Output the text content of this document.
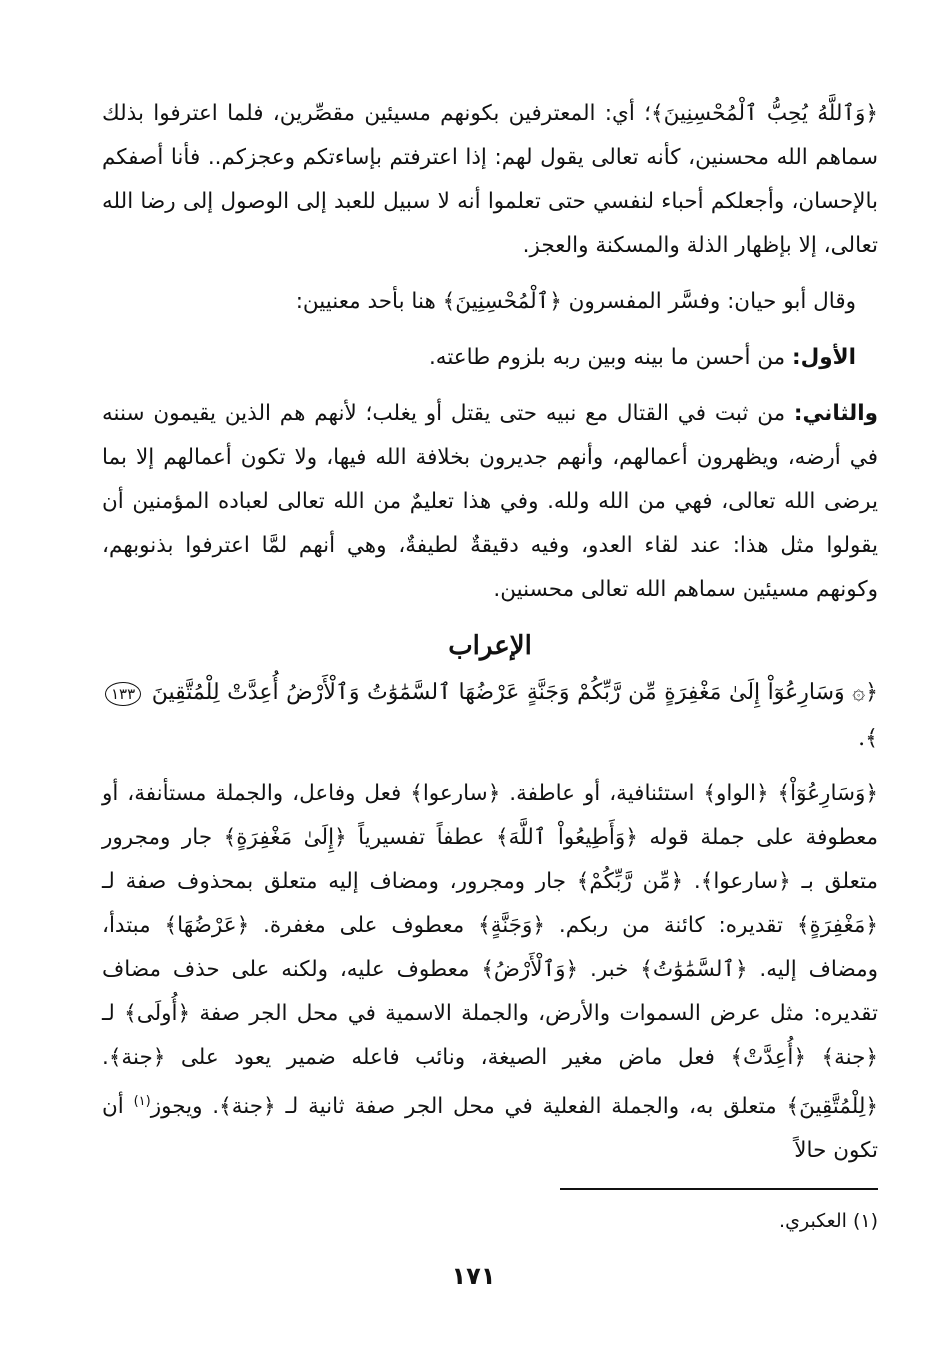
﴿وَٱللَّهُ يُحِبُّ ٱلْمُحْسِنِينَ﴾؛ أي: المعترفين بكونهم مسيئين مقصِّرين، فلما اعترفوا بذلك سماهم الله محسنين، كأنه تعالى يقول لهم: إذا اعترفتم بإساءتكم وعجزكم.. فأنا أصفكم بالإحسان، وأجعلكم أحباء لنفسي حتى تعلموا أنه لا سبيل للعبد إلى الوصول إلى رضا الله تعالى، إلا بإظهار الذلة والمسكنة والعجز.

وقال أبو حيان: وفسَّر المفسرون ﴿ٱلْمُحْسِنِينَ﴾ هنا بأحد معنيين:

الأول: من أحسن ما بينه وبين ربه بلزوم طاعته.

والثاني: من ثبت في القتال مع نبيه حتى يقتل أو يغلب؛ لأنهم هم الذين يقيمون سننه في أرضه، ويظهرون أعمالهم، وأنهم جديرون بخلافة الله فيها، ولا تكون أعمالهم إلا بما يرضى الله تعالى، فهي من الله ولله. وفي هذا تعليمٌ من الله تعالى لعباده المؤمنين أن يقولوا مثل هذا: عند لقاء العدو، وفيه دقيقةٌ لطيفةٌ، وهي أنهم لمَّا اعترفوا بذنوبهم، وكونهم مسيئين سماهم الله تعالى محسنين.

الإعراب

﴿۞ وَسَارِعُوٓاْ إِلَىٰ مَغْفِرَةٍ مِّن رَّبِّكُمْ وَجَنَّةٍ عَرْضُهَا ٱلسَّمَٰوَٰتُ وَٱلْأَرْضُ أُعِدَّتْ لِلْمُتَّقِينَ ١٣٣﴾.

﴿وَسَارِعُوٓاْ﴾ ﴿الواو﴾ استئنافية، أو عاطفة. ﴿سارعوا﴾ فعل وفاعل، والجملة مستأنفة، أو معطوفة على جملة قوله ﴿وَأَطِيعُواْ ٱللَّهَ﴾ عطفاً تفسيرياً ﴿إِلَىٰ مَغْفِرَةٍ﴾ جار ومجرور متعلق بـ ﴿سارعوا﴾. ﴿مِّن رَّبِّكُمْ﴾ جار ومجرور، ومضاف إليه متعلق بمحذوف صفة لـ ﴿مَغْفِرَةٍ﴾ تقديره: كائنة من ربكم. ﴿وَجَنَّةٍ﴾ معطوف على مغفرة. ﴿عَرْضُهَا﴾ مبتدأ، ومضاف إليه. ﴿ٱلسَّمَٰوَٰتُ﴾ خبر. ﴿وَٱلْأَرْضُ﴾ معطوف عليه، ولكنه على حذف مضاف تقديره: مثل عرض السموات والأرض، والجملة الاسمية في محل الجر صفة ﴿أُولَى﴾ لـ ﴿جنة﴾ ﴿أُعِدَّتْ﴾ فعل ماض مغير الصيغة، ونائب فاعله ضمير يعود على ﴿جنة﴾. ﴿لِلْمُتَّقِينَ﴾ متعلق به، والجملة الفعلية في محل الجر صفة ثانية لـ ﴿جنة﴾. ويجوز$^{(١)}$ أن تكون حالاً

(١) العكبري.
١٧١
